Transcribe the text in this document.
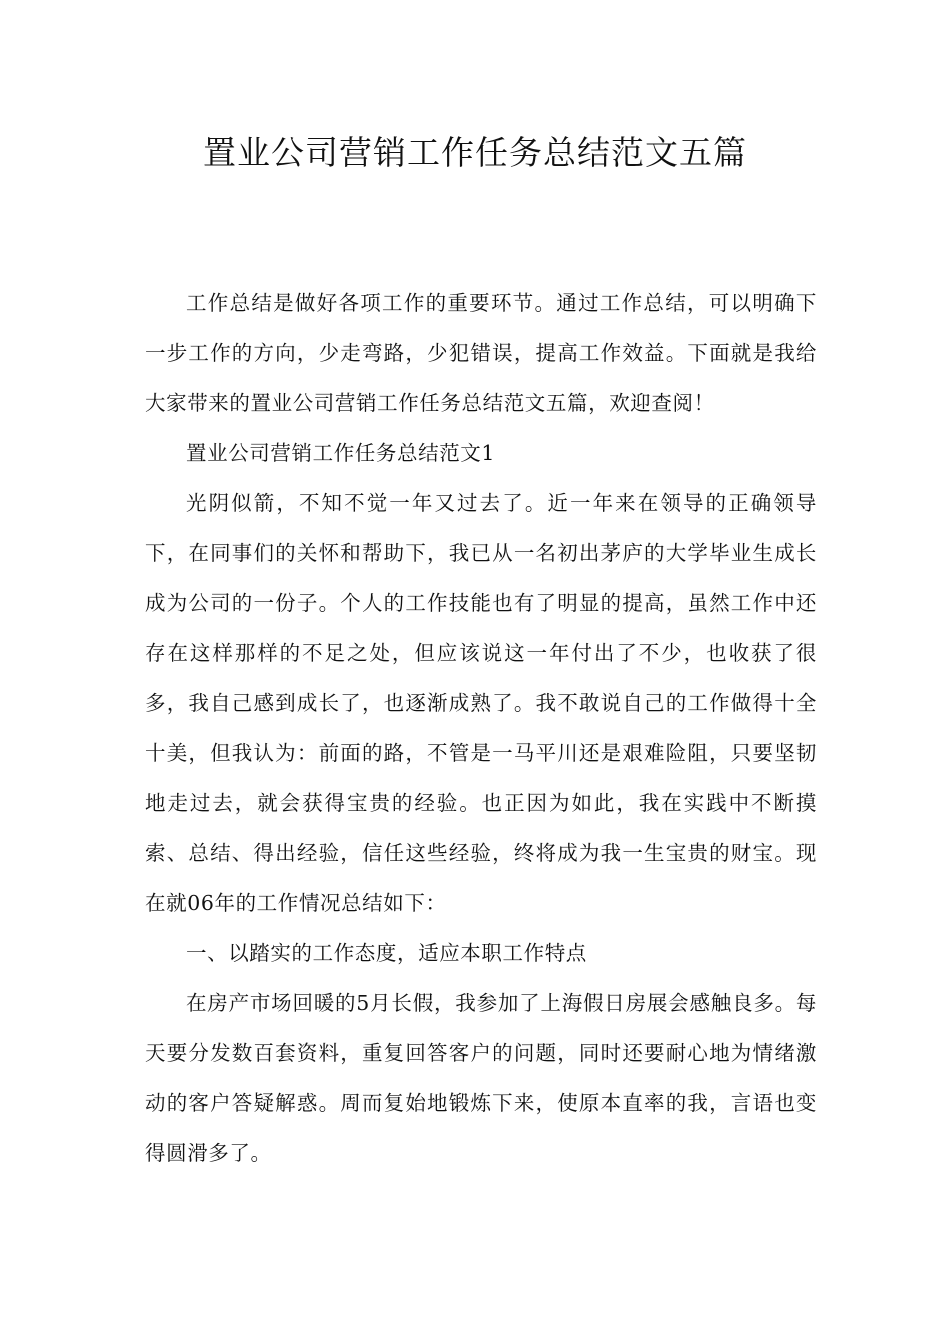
置业公司营销工作任务总结范文五篇

工作总结是做好各项工作的重要环节。通过工作总结，可以明确下一步工作的方向，少走弯路，少犯错误，提高工作效益。下面就是我给大家带来的置业公司营销工作任务总结范文五篇，欢迎查阅！

置业公司营销工作任务总结范文1

光阴似箭，不知不觉一年又过去了。近一年来在领导的正确领导下，在同事们的关怀和帮助下，我已从一名初出茅庐的大学毕业生成长成为公司的一份子。个人的工作技能也有了明显的提高，虽然工作中还存在这样那样的不足之处，但应该说这一年付出了不少，也收获了很多，我自己感到成长了，也逐渐成熟了。我不敢说自己的工作做得十全十美，但我认为：前面的路，不管是一马平川还是艰难险阻，只要坚韧地走过去，就会获得宝贵的经验。也正因为如此，我在实践中不断摸索、总结、得出经验，信任这些经验，终将成为我一生宝贵的财宝。现在就06年的工作情况总结如下：

一、以踏实的工作态度，适应本职工作特点

在房产市场回暖的5月长假，我参加了上海假日房展会感触良多。每天要分发数百套资料，重复回答客户的问题，同时还要耐心地为情绪激动的客户答疑解惑。周而复始地锻炼下来，使原本直率的我，言语也变得圆滑多了。
